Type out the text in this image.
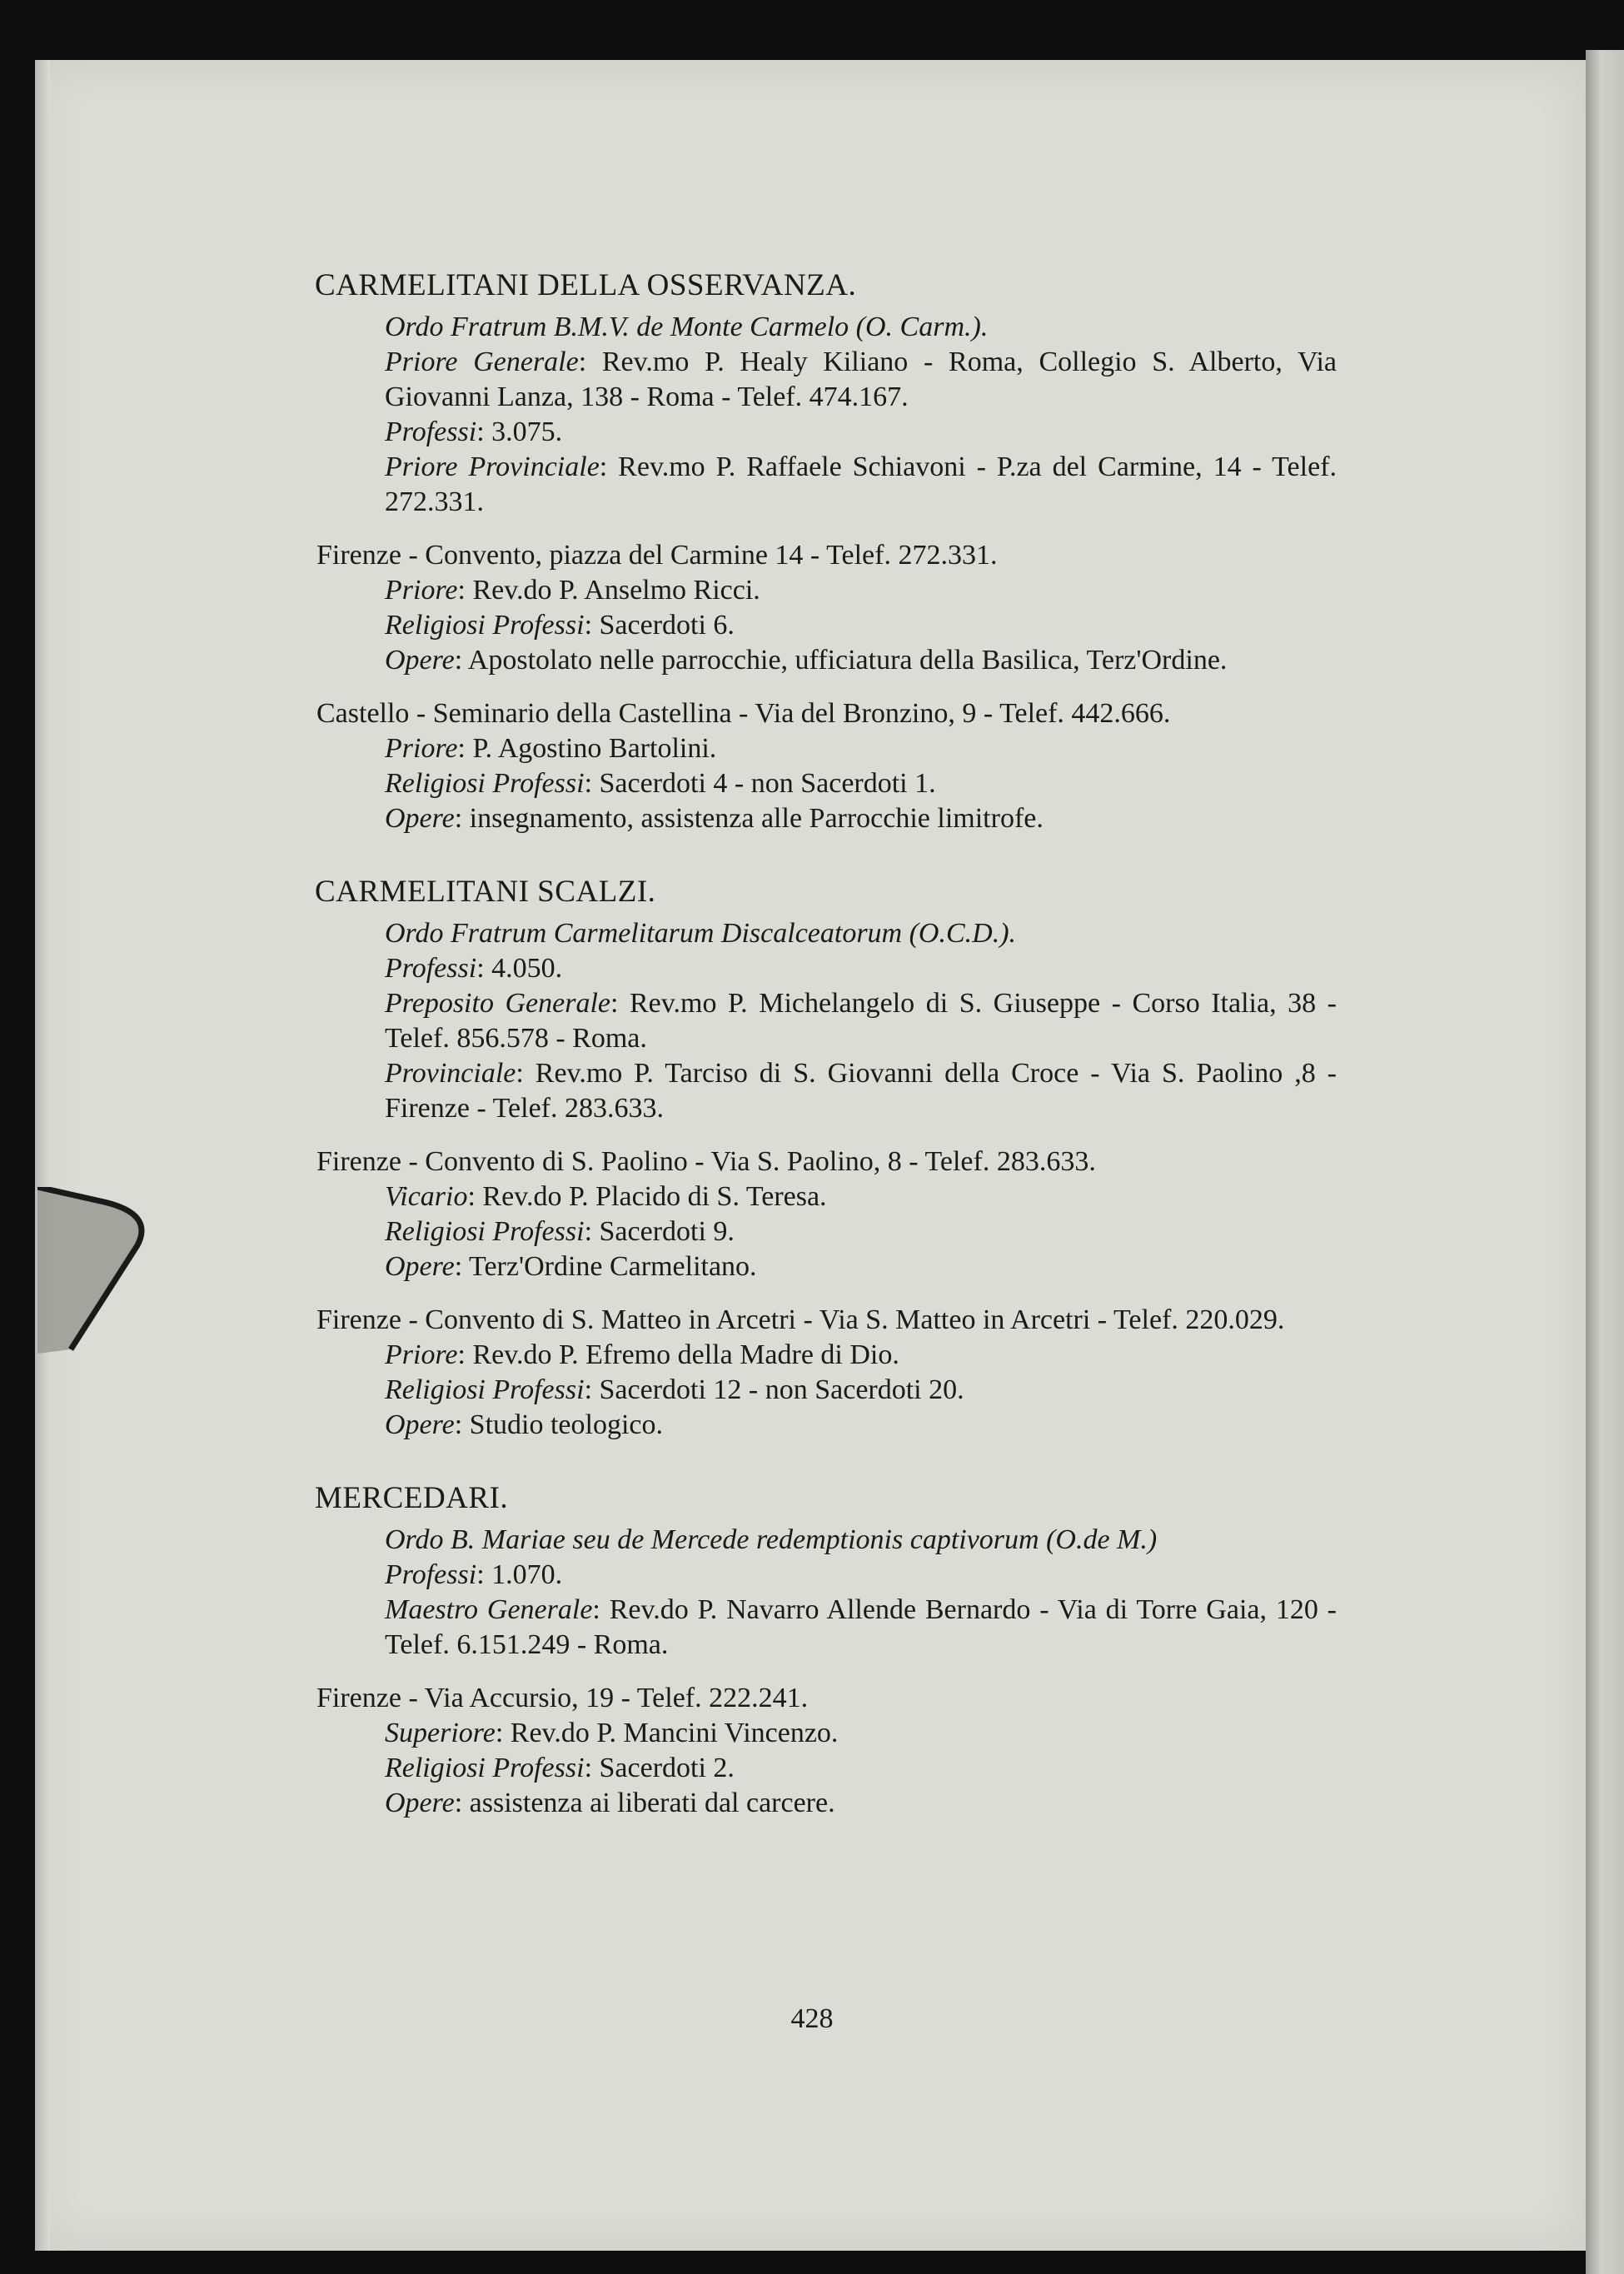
CARMELITANI DELLA OSSERVANZA.

Ordo Fratrum B.M.V. de Monte Carmelo (O. Carm.).

Priore Generale: Rev.mo P. Healy Kiliano - Roma, Collegio S. Alberto, Via Giovanni Lanza, 138 - Roma - Telef. 474.167.

Professi: 3.075.

Priore Provinciale: Rev.mo P. Raffaele Schiavoni - P.za del Carmine, 14 - Telef. 272.331.

Firenze - Convento, piazza del Carmine 14 - Telef. 272.331.

Priore: Rev.do P. Anselmo Ricci.

Religiosi Professi: Sacerdoti 6.

Opere: Apostolato nelle parrocchie, ufficiatura della Basilica, Terz'Ordine.

Castello - Seminario della Castellina - Via del Bronzino, 9 - Telef. 442.666.

Priore: P. Agostino Bartolini.

Religiosi Professi: Sacerdoti 4 - non Sacerdoti 1.

Opere: insegnamento, assistenza alle Parrocchie limitrofe.

CARMELITANI SCALZI.

Ordo Fratrum Carmelitarum Discalceatorum (O.C.D.).

Professi: 4.050.

Preposito Generale: Rev.mo P. Michelangelo di S. Giuseppe - Corso Italia, 38 - Telef. 856.578 - Roma.

Provinciale: Rev.mo P. Tarciso di S. Giovanni della Croce - Via S. Paolino ,8 - Firenze - Telef. 283.633.

Firenze - Convento di S. Paolino - Via S. Paolino, 8 - Telef. 283.633.

Vicario: Rev.do P. Placido di S. Teresa.

Religiosi Professi: Sacerdoti 9.

Opere: Terz'Ordine Carmelitano.

Firenze - Convento di S. Matteo in Arcetri - Via S. Matteo in Arcetri - Telef. 220.029.

Priore: Rev.do P. Efremo della Madre di Dio.

Religiosi Professi: Sacerdoti 12 - non Sacerdoti 20.

Opere: Studio teologico.

MERCEDARI.

Ordo B. Mariae seu de Mercede redemptionis captivorum (O.de M.)

Professi: 1.070.

Maestro Generale: Rev.do P. Navarro Allende Bernardo - Via di Torre Gaia, 120 - Telef. 6.151.249 - Roma.

Firenze - Via Accursio, 19 - Telef. 222.241.

Superiore: Rev.do P. Mancini Vincenzo.

Religiosi Professi: Sacerdoti 2.

Opere: assistenza ai liberati dal carcere.

428
